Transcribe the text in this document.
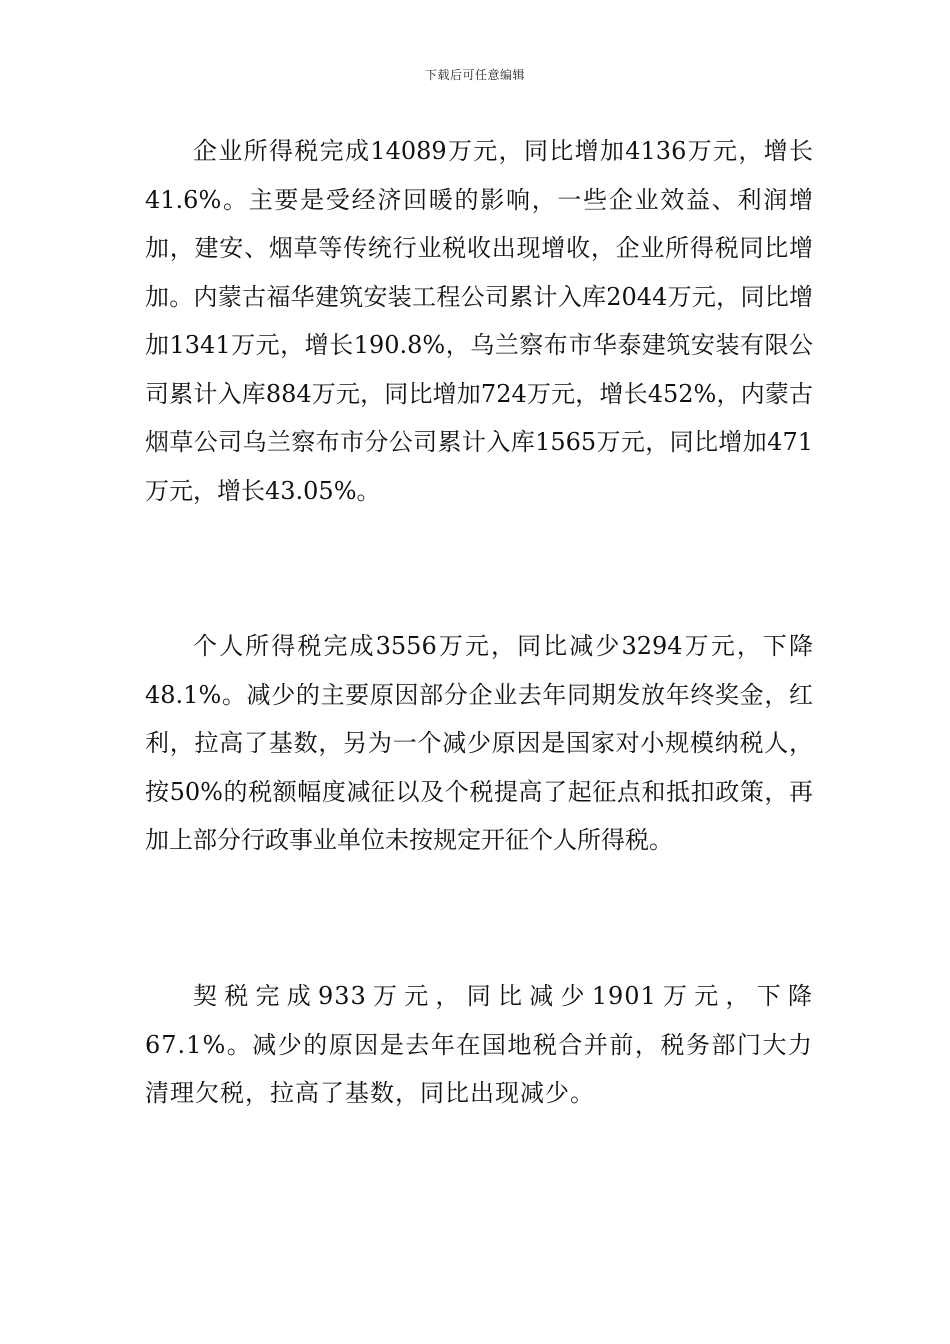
下载后可任意编辑

企业所得税完成14089万元，同比增加4136万元，增长41.6%。主要是受经济回暖的影响，一些企业效益、利润增加，建安、烟草等传统行业税收出现增收，企业所得税同比增加。内蒙古福华建筑安装工程公司累计入库2044万元，同比增加1341万元，增长190.8%，乌兰察布市华泰建筑安装有限公司累计入库884万元，同比增加724万元，增长452%，内蒙古烟草公司乌兰察布市分公司累计入库1565万元，同比增加471万元，增长43.05%。

个人所得税完成3556万元，同比减少3294万元，下降48.1%。减少的主要原因部分企业去年同期发放年终奖金，红利，拉高了基数，另为一个减少原因是国家对小规模纳税人，按50%的税额幅度减征以及个税提高了起征点和抵扣政策，再加上部分行政事业单位未按规定开征个人所得税。

契税完成933万元，同比减少1901万元，下降67.1%。减少的原因是去年在国地税合并前，税务部门大力清理欠税，拉高了基数，同比出现减少。
